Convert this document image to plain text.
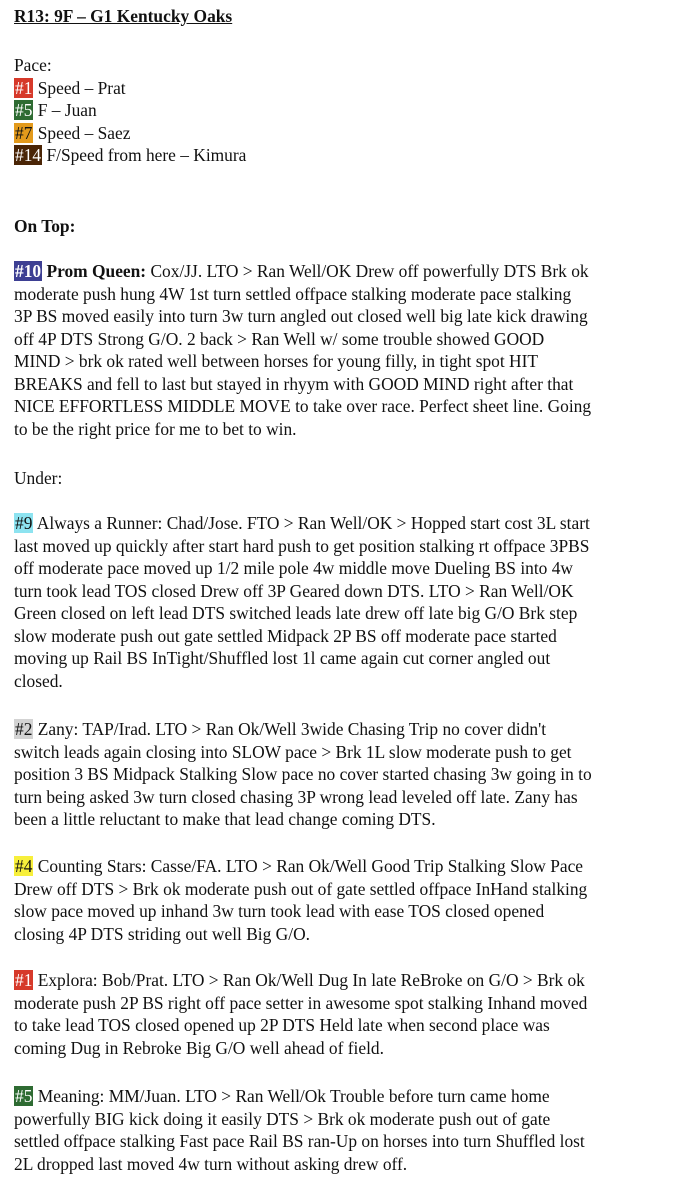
R13: 9F – G1 Kentucky Oaks
Pace:
#1 Speed – Prat
#5 F – Juan
#7 Speed – Saez
#14 F/Speed from here – Kimura
On Top:
#10 Prom Queen: Cox/JJ. LTO > Ran Well/OK Drew off powerfully DTS Brk ok
moderate push hung 4W 1st turn settled offpace stalking moderate pace stalking
3P BS moved easily into turn 3w turn angled out closed well big late kick drawing
off 4P DTS Strong G/O. 2 back > Ran Well w/ some trouble showed GOOD
MIND > brk ok rated well between horses for young filly, in tight spot HIT
BREAKS and fell to last but stayed in rhyym with GOOD MIND right after that
NICE EFFORTLESS MIDDLE MOVE to take over race. Perfect sheet line. Going
to be the right price for me to bet to win.
Under:
#9 Always a Runner: Chad/Jose. FTO > Ran Well/OK > Hopped start cost 3L start
last moved up quickly after start hard push to get position stalking rt offpace 3PBS
off moderate pace moved up 1/2 mile pole 4w middle move Dueling BS into 4w
turn took lead TOS closed Drew off 3P Geared down DTS. LTO > Ran Well/OK
Green closed on left lead DTS switched leads late drew off late big G/O Brk step
slow moderate push out gate settled Midpack 2P BS off moderate pace started
moving up Rail BS InTight/Shuffled lost 1l came again cut corner angled out
closed.
#2 Zany: TAP/Irad. LTO > Ran Ok/Well 3wide Chasing Trip no cover didn't
switch leads again closing into SLOW pace > Brk 1L slow moderate push to get
position 3 BS Midpack Stalking Slow pace no cover started chasing 3w going in to
turn being asked 3w turn closed chasing 3P wrong lead leveled off late. Zany has
been a little reluctant to make that lead change coming DTS.
#4 Counting Stars: Casse/FA. LTO > Ran Ok/Well Good Trip Stalking Slow Pace
Drew off DTS > Brk ok moderate push out of gate settled offpace InHand stalking
slow pace moved up inhand 3w turn took lead with ease TOS closed opened
closing 4P DTS striding out well Big G/O.
#1 Explora: Bob/Prat. LTO > Ran Ok/Well Dug In late ReBroke on G/O > Brk ok
moderate push 2P BS right off pace setter in awesome spot stalking Inhand moved
to take lead TOS closed opened up 2P DTS Held late when second place was
coming Dug in Rebroke Big G/O well ahead of field.
#5 Meaning: MM/Juan. LTO > Ran Well/Ok Trouble before turn came home
powerfully BIG kick doing it easily DTS > Brk ok moderate push out of gate
settled offpace stalking Fast pace Rail BS ran-Up on horses into turn Shuffled lost
2L dropped last moved 4w turn without asking drew off.
